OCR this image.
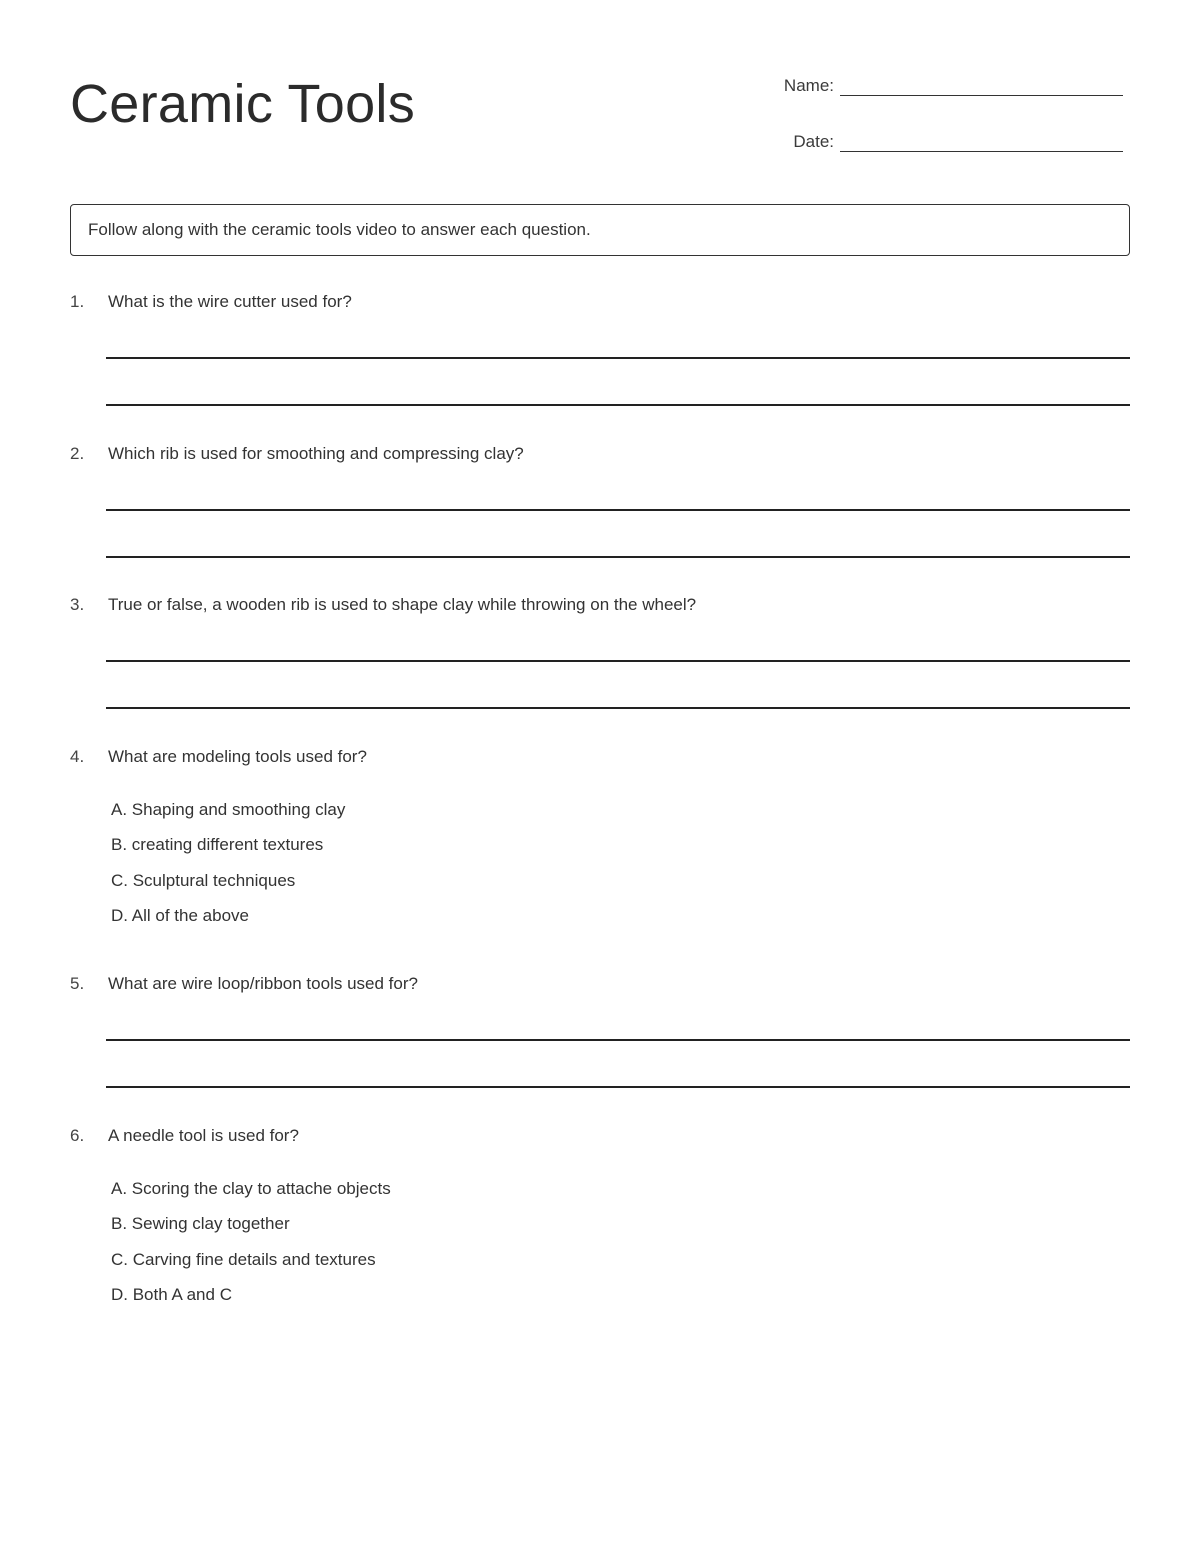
Ceramic Tools	Name:
Date:
Follow along with the ceramic tools video to answer each question.
1.	What is the wire cutter used for?
2.	Which rib is used for smoothing and compressing clay?
3.	True or false, a wooden rib is used to shape clay while throwing on the wheel?
4.	What are modeling tools used for?
A. Shaping and smoothing clay
B. creating different textures
C. Sculptural techniques
D. All of the above
5.	What are wire loop/ribbon tools used for?
6.	A needle tool is used for?
A. Scoring the clay to attache objects
B. Sewing clay together
C. Carving fine details and textures
D. Both A and C
